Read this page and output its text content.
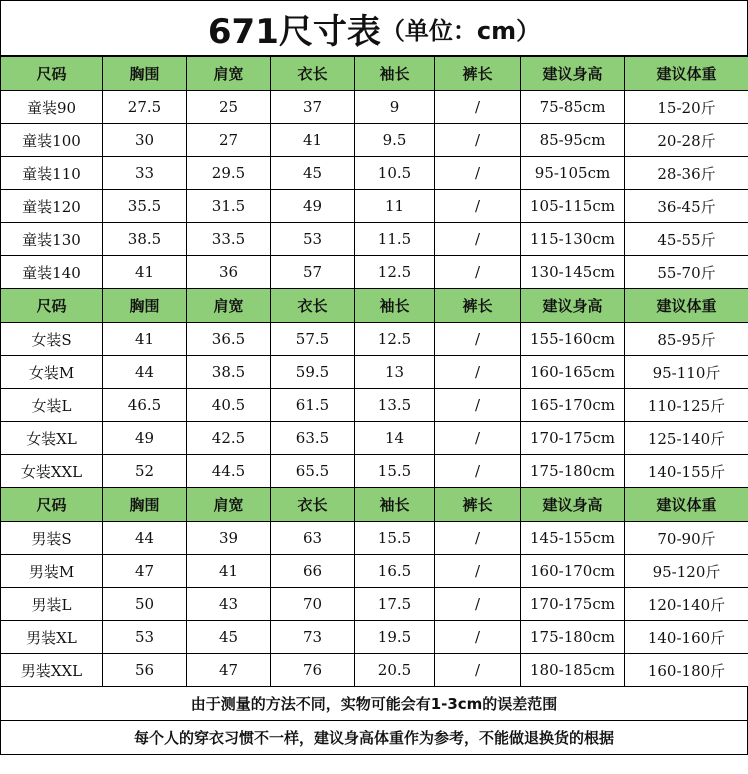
671尺寸表 （单位：cm）
尺码	胸围	肩宽	衣长	袖长	裤长	建议身高	建议体重
童装90	27.5	25	37	9	/	75-85cm	15-20斤
童装100	30	27	41	9.5	/	85-95cm	20-28斤
童装110	33	29.5	45	10.5	/	95-105cm	28-36斤
童装120	35.5	31.5	49	11	/	105-115cm	36-45斤
童装130	38.5	33.5	53	11.5	/	115-130cm	45-55斤
童装140	41	36	57	12.5	/	130-145cm	55-70斤
尺码	胸围	肩宽	衣长	袖长	裤长	建议身高	建议体重
女装S	41	36.5	57.5	12.5	/	155-160cm	85-95斤
女装M	44	38.5	59.5	13	/	160-165cm	95-110斤
女装L	46.5	40.5	61.5	13.5	/	165-170cm	110-125斤
女装XL	49	42.5	63.5	14	/	170-175cm	125-140斤
女装XXL	52	44.5	65.5	15.5	/	175-180cm	140-155斤
尺码	胸围	肩宽	衣长	袖长	裤长	建议身高	建议体重
男装S	44	39	63	15.5	/	145-155cm	70-90斤
男装M	47	41	66	16.5	/	160-170cm	95-120斤
男装L	50	43	70	17.5	/	170-175cm	120-140斤
男装XL	53	45	73	19.5	/	175-180cm	140-160斤
男装XXL	56	47	76	20.5	/	180-185cm	160-180斤
由于测量的方法不同，实物可能会有1-3cm的误差范围
每个人的穿衣习惯不一样，建议身高体重作为参考，不能做退换货的根据
